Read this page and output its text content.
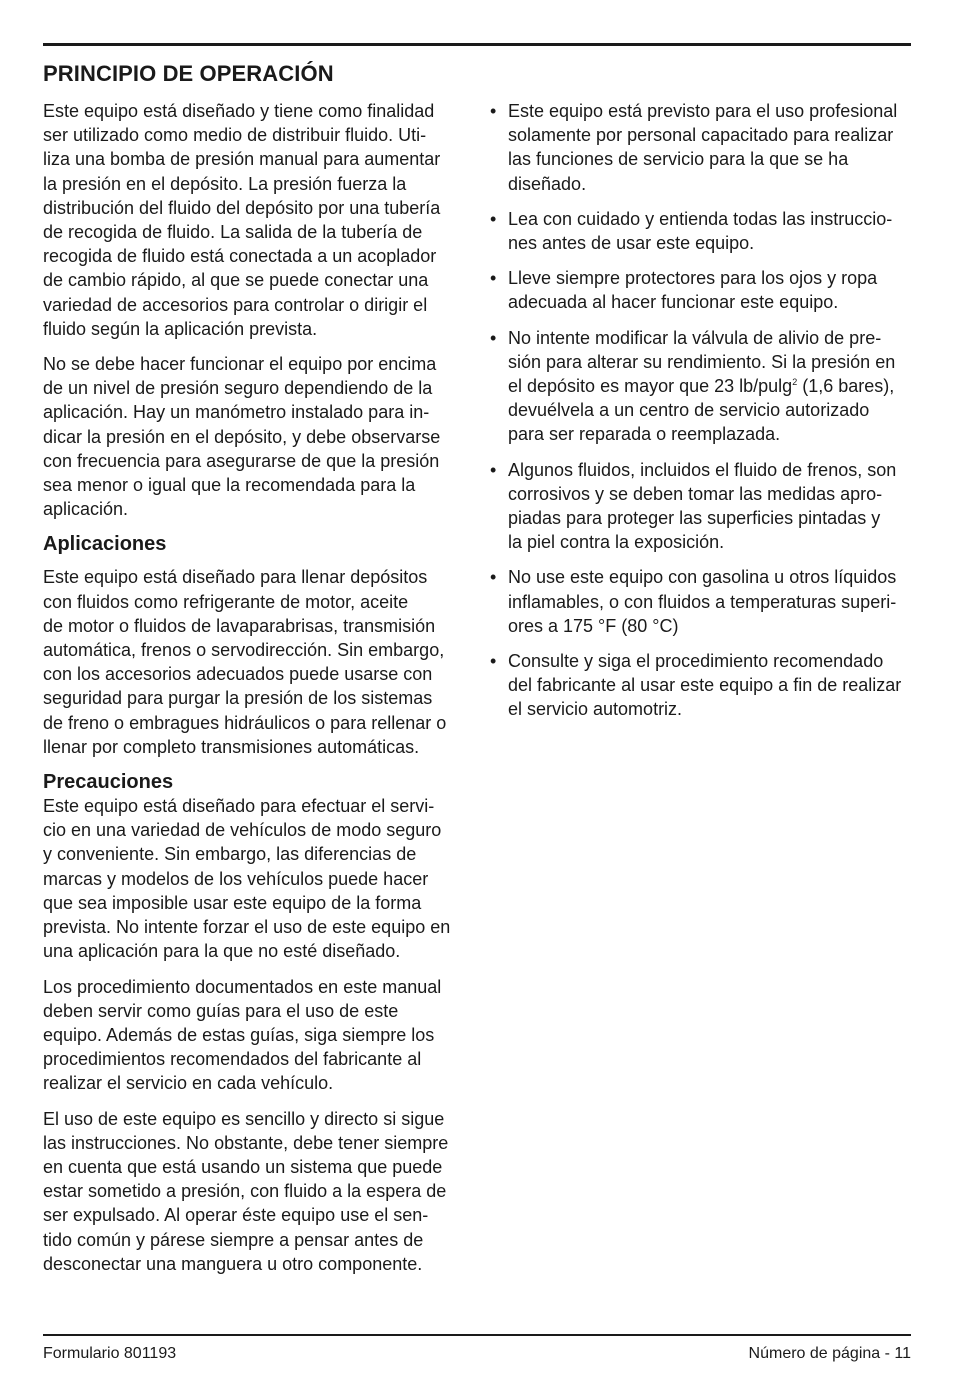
PRINCIPIO DE OPERACIÓN

Este equipo está diseñado y tiene como finalidad
ser utilizado como medio de distribuir fluido. Uti-
liza una bomba de presión manual para aumentar
la presión en el depósito. La presión fuerza la
distribución del fluido del depósito por una tubería
de recogida de fluido. La salida de la tubería de
recogida de fluido está conectada a un acoplador
de cambio rápido, al que se puede conectar una
variedad de accesorios para controlar o dirigir el
fluido según la aplicación prevista.

No se debe hacer funcionar el equipo por encima
de un nivel de presión seguro dependiendo de la
aplicación. Hay un manómetro instalado para in-
dicar la presión en el depósito, y debe observarse
con frecuencia para asegurarse de que la presión
sea menor o igual que la recomendada para la
aplicación.

Aplicaciones

Este equipo está diseñado para llenar depósitos
con fluidos como refrigerante de motor, aceite
de motor o fluidos de lavaparabrisas, transmisión
automática, frenos o servodirección. Sin embargo,
con los accesorios adecuados puede usarse con
seguridad para purgar la presión de los sistemas
de freno o embragues hidráulicos o para rellenar o
llenar por completo transmisiones automáticas.

Precauciones

Este equipo está diseñado para efectuar el servi-
cio en una variedad de vehículos de modo seguro
y conveniente. Sin embargo, las diferencias de
marcas y modelos de los vehículos puede hacer
que sea imposible usar este equipo de la forma
prevista. No intente forzar el uso de este equipo en
una aplicación para la que no esté diseñado.

Los procedimiento documentados en este manual
deben servir como guías para el uso de este
equipo. Además de estas guías, siga siempre los
procedimientos recomendados del fabricante al
realizar el servicio en cada vehículo.

El uso de este equipo es sencillo y directo si sigue
las instrucciones. No obstante, debe tener siempre
en cuenta que está usando un sistema que puede
estar sometido a presión, con fluido a la espera de
ser expulsado. Al operar éste equipo use el sen-
tido común y párese siempre a pensar antes de
desconectar una manguera u otro componente.

• Este equipo está previsto para el uso profesional
solamente por personal capacitado para realizar
las funciones de servicio para la que se ha
diseñado.
• Lea con cuidado y entienda todas las instruccio-
nes antes de usar este equipo.
• Lleve siempre protectores para los ojos y ropa
adecuada al hacer funcionar este equipo.
• No intente modificar la válvula de alivio de pre-
sión para alterar su rendimiento. Si la presión en
el depósito es mayor que 23 lb/pulg$^2$ (1,6 bares),
devuélvela a un centro de servicio autorizado
para ser reparada o reemplazada.
• Algunos fluidos, incluidos el fluido de frenos, son
corrosivos y se deben tomar las medidas apro-
piadas para proteger las superficies pintadas y
la piel contra la exposición.
• No use este equipo con gasolina u otros líquidos
inflamables, o con fluidos a temperaturas superi-
ores a 175 °F (80 °C)
• Consulte y siga el procedimiento recomendado
del fabricante al usar este equipo a fin de realizar
el servicio automotriz.
Formulario 801193	Número de página - 11
